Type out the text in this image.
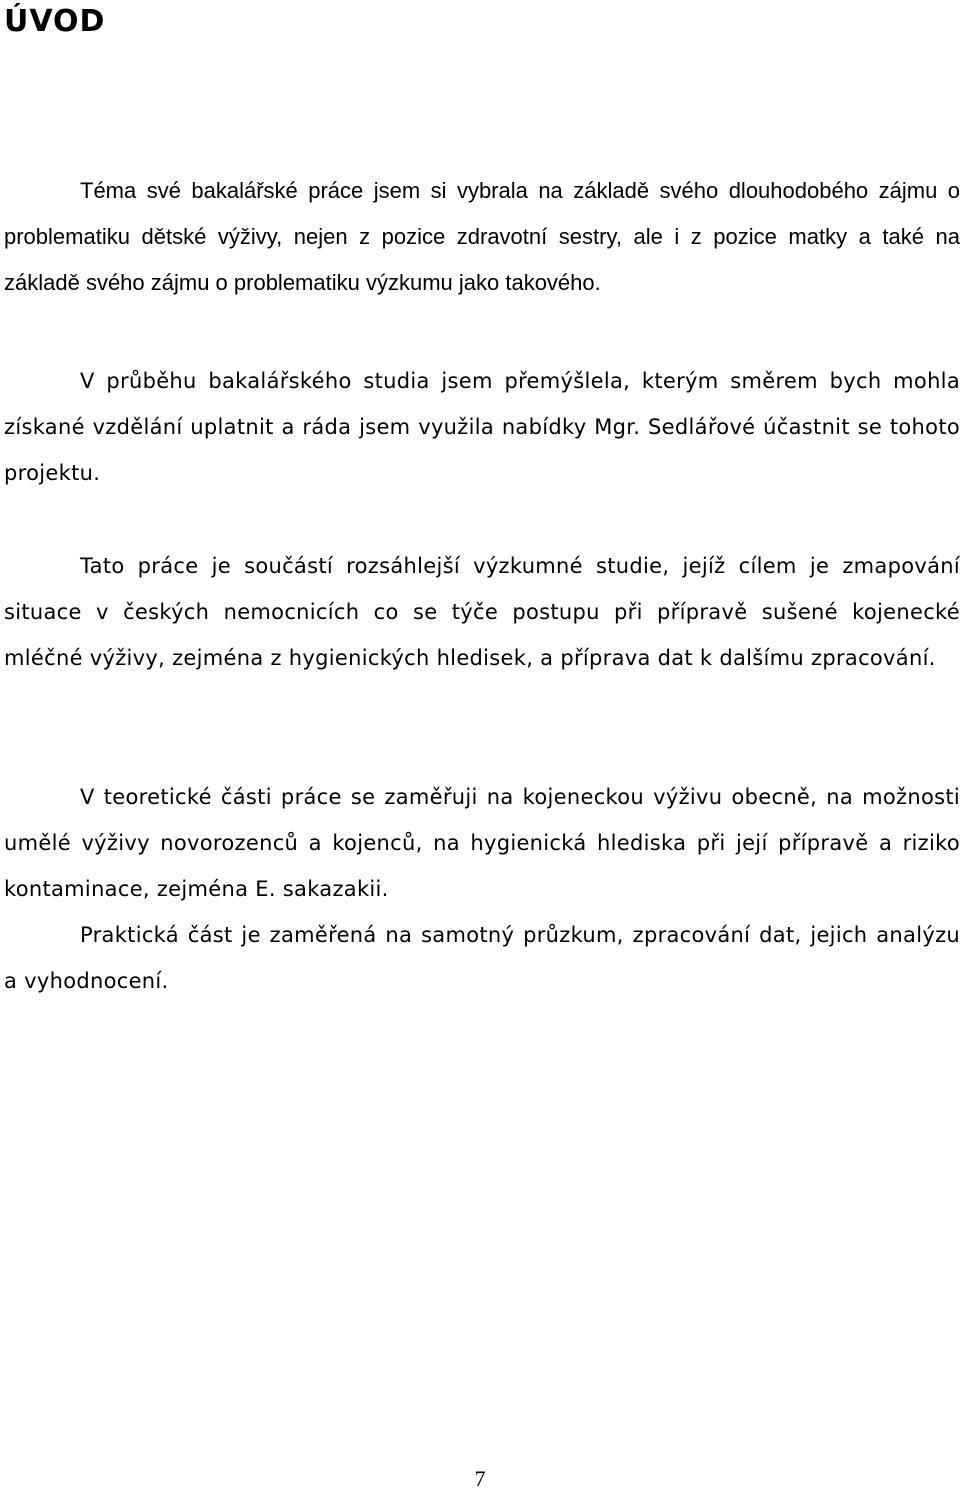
ÚVOD

Téma své bakalářské práce jsem si vybrala na základě svého dlouhodobého zájmu o problematiku dětské výživy, nejen z pozice zdravotní sestry, ale i z pozice matky a také na základě svého zájmu o problematiku výzkumu jako takového.

V průběhu bakalářského studia jsem přemýšlela, kterým směrem bych mohla získané vzdělání uplatnit a ráda jsem využila nabídky Mgr. Sedlářové účastnit se tohoto projektu.

Tato práce je součástí rozsáhlejší výzkumné studie, jejíž cílem je zmapování situace v českých nemocnicích co se týče postupu při přípravě sušené kojenecké mléčné výživy, zejména z hygienických hledisek, a příprava dat k dalšímu zpracování.

V teoretické části práce se zaměřuji na kojeneckou výživu obecně, na možnosti umělé výživy novorozenců a kojenců, na hygienická hlediska při její přípravě a riziko kontaminace, zejména E. sakazakii.

Praktická část je zaměřená na samotný průzkum, zpracování dat, jejich analýzu a vyhodnocení.

7
